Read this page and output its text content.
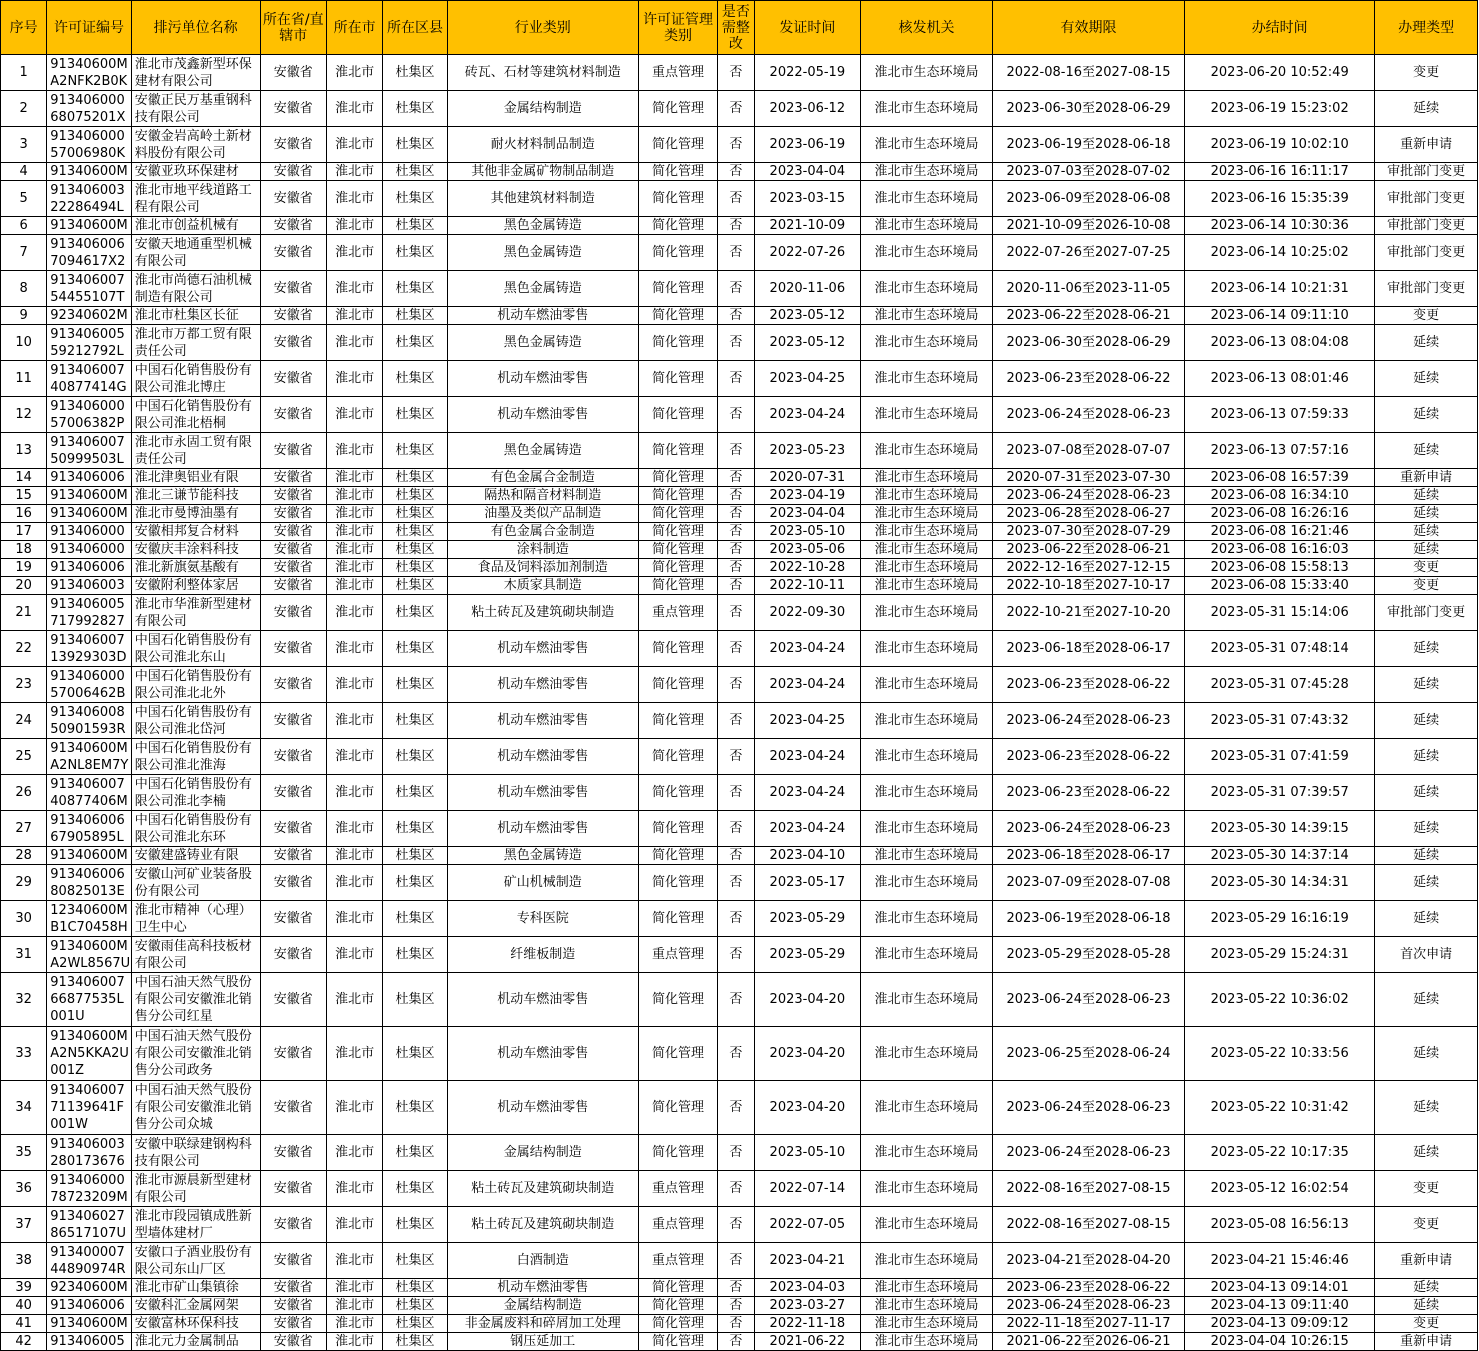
序号	许可证编号	排污单位名称	所在省/直辖市	所在市	所在区县	行业类别	许可证管理类别	是否需整改	发证时间	核发机关	有效期限	办结时间	办理类型

1	91340600MA2NFK2B0K	淮北市茂鑫新型环保建材有限公司	安徽省	淮北市	杜集区	砖瓦、石材等建筑材料制造	重点管理	否	2022-05-19	淮北市生态环境局	2022-08-16至2027-08-15	2023-06-20 10:52:49	变更

2	91340600068075201X	安徽正民万基重钢科技有限公司	安徽省	淮北市	杜集区	金属结构制造	简化管理	否	2023-06-12	淮北市生态环境局	2023-06-30至2028-06-29	2023-06-19 15:23:02	延续

3	91340600057006980K	安徽金岩高岭土新材料股份有限公司	安徽省	淮北市	杜集区	耐火材料制品制造	简化管理	否	2023-06-19	淮北市生态环境局	2023-06-19至2028-06-18	2023-06-19 10:02:10	重新申请

4	91340600M	安徽亚玖环保建材	安徽省	淮北市	杜集区	其他非金属矿物制品制造	简化管理	否	2023-04-04	淮北市生态环境局	2023-07-03至2028-07-02	2023-06-16 16:11:17	审批部门变更

5	91340600322286494L	淮北市地平线道路工程有限公司	安徽省	淮北市	杜集区	其他建筑材料制造	简化管理	否	2023-03-15	淮北市生态环境局	2023-06-09至2028-06-08	2023-06-16 15:35:39	审批部门变更

6	91340600M	淮北市创益机械有	安徽省	淮北市	杜集区	黑色金属铸造	简化管理	否	2021-10-09	淮北市生态环境局	2021-10-09至2026-10-08	2023-06-14 10:30:36	审批部门变更

7	9134060067094617X2	安徽天地通重型机械有限公司	安徽省	淮北市	杜集区	黑色金属铸造	简化管理	否	2022-07-26	淮北市生态环境局	2022-07-26至2027-07-25	2023-06-14 10:25:02	审批部门变更

8	91340600754455107T	淮北市尚德石油机械制造有限公司	安徽省	淮北市	杜集区	黑色金属铸造	简化管理	否	2020-11-06	淮北市生态环境局	2020-11-06至2023-11-05	2023-06-14 10:21:31	审批部门变更

9	92340602M	淮北市杜集区长征	安徽省	淮北市	杜集区	机动车燃油零售	简化管理	否	2023-05-12	淮北市生态环境局	2023-06-22至2028-06-21	2023-06-14 09:11:10	变更

10	913406005 59212792L	淮北市万都工贸有限责任公司	安徽省	淮北市	杜集区	黑色金属铸造	简化管理	否	2023-05-12	淮北市生态环境局	2023-06-30至2028-06-29	2023-06-13 08:04:08	延续

11	91340600740877414G	中国石化销售股份有限公司淮北博庄	安徽省	淮北市	杜集区	机动车燃油零售	简化管理	否	2023-04-25	淮北市生态环境局	2023-06-23至2028-06-22	2023-06-13 08:01:46	延续

12	91340600057006382P	中国石化销售股份有限公司淮北梧桐	安徽省	淮北市	杜集区	机动车燃油零售	简化管理	否	2023-04-24	淮北市生态环境局	2023-06-24至2028-06-23	2023-06-13 07:59:33	延续

13	91340600750999503L	淮北市永固工贸有限责任公司	安徽省	淮北市	杜集区	黑色金属铸造	简化管理	否	2023-05-23	淮北市生态环境局	2023-07-08至2028-07-07	2023-06-13 07:57:16	延续

14	913406006	淮北津奥铝业有限	安徽省	淮北市	杜集区	有色金属合金制造	简化管理	否	2020-07-31	淮北市生态环境局	2020-07-31至2023-07-30	2023-06-08 16:57:39	重新申请

15	91340600M	淮北三谦节能科技	安徽省	淮北市	杜集区	隔热和隔音材料制造	简化管理	否	2023-04-19	淮北市生态环境局	2023-06-24至2028-06-23	2023-06-08 16:34:10	延续

16	91340600M	淮北市曼博油墨有	安徽省	淮北市	杜集区	油墨及类似产品制造	简化管理	否	2023-04-04	淮北市生态环境局	2023-06-28至2028-06-27	2023-06-08 16:26:16	延续

17	913406000	安徽相邦复合材料	安徽省	淮北市	杜集区	有色金属合金制造	简化管理	否	2023-05-10	淮北市生态环境局	2023-07-30至2028-07-29	2023-06-08 16:21:46	延续

18	913406000	安徽庆丰涂料科技	安徽省	淮北市	杜集区	涂料制造	简化管理	否	2023-05-06	淮北市生态环境局	2023-06-22至2028-06-21	2023-06-08 16:16:03	延续

19	913406006	淮北新旗氨基酸有	安徽省	淮北市	杜集区	食品及饲料添加剂制造	简化管理	否	2022-10-28	淮北市生态环境局	2022-12-16至2027-12-15	2023-06-08 15:58:13	变更

20	913406003	安徽附利整体家居	安徽省	淮北市	杜集区	木质家具制造	简化管理	否	2022-10-11	淮北市生态环境局	2022-10-18至2027-10-17	2023-06-08 15:33:40	变更

21	913406005717992827	淮北市华淮新型建材有限公司	安徽省	淮北市	杜集区	粘土砖瓦及建筑砌块制造	重点管理	否	2022-09-30	淮北市生态环境局	2022-10-21至2027-10-20	2023-05-31 15:14:06	审批部门变更

22	91340600713929303D	中国石化销售股份有限公司淮北东山	安徽省	淮北市	杜集区	机动车燃油零售	简化管理	否	2023-04-24	淮北市生态环境局	2023-06-18至2028-06-17	2023-05-31 07:48:14	延续

23	91340600057006462B	中国石化销售股份有限公司淮北北外	安徽省	淮北市	杜集区	机动车燃油零售	简化管理	否	2023-04-24	淮北市生态环境局	2023-06-23至2028-06-22	2023-05-31 07:45:28	延续

24	91340600850901593R	中国石化销售股份有限公司淮北岱河	安徽省	淮北市	杜集区	机动车燃油零售	简化管理	否	2023-04-25	淮北市生态环境局	2023-06-24至2028-06-23	2023-05-31 07:43:32	延续

25	91340600MA2NL8EM7Y	中国石化销售股份有限公司淮北淮海	安徽省	淮北市	杜集区	机动车燃油零售	简化管理	否	2023-04-24	淮北市生态环境局	2023-06-23至2028-06-22	2023-05-31 07:41:59	延续

26	91340600740877406M	中国石化销售股份有限公司淮北李楠	安徽省	淮北市	杜集区	机动车燃油零售	简化管理	否	2023-04-24	淮北市生态环境局	2023-06-23至2028-06-22	2023-05-31 07:39:57	延续

27	91340600667905895L	中国石化销售股份有限公司淮北东环	安徽省	淮北市	杜集区	机动车燃油零售	简化管理	否	2023-04-24	淮北市生态环境局	2023-06-24至2028-06-23	2023-05-30 14:39:15	延续

28	91340600M	安徽建盛铸业有限	安徽省	淮北市	杜集区	黑色金属铸造	简化管理	否	2023-04-10	淮北市生态环境局	2023-06-18至2028-06-17	2023-05-30 14:37:14	延续

29	91340600680825013E	安徽山河矿业装备股份有限公司	安徽省	淮北市	杜集区	矿山机械制造	简化管理	否	2023-05-17	淮北市生态环境局	2023-07-09至2028-07-08	2023-05-30 14:34:31	延续

30	12340600MB1C70458H	淮北市精神（心理）卫生中心	安徽省	淮北市	杜集区	专科医院	简化管理	否	2023-05-29	淮北市生态环境局	2023-06-19至2028-06-18	2023-05-29 16:16:19	延续

31	91340600MA2WL8567U	安徽雨佳高科技板材有限公司	安徽省	淮北市	杜集区	纤维板制造	重点管理	否	2023-05-29	淮北市生态环境局	2023-05-29至2028-05-28	2023-05-29 15:24:31	首次申请

32	91340600766877535L001U	中国石油天然气股份有限公司安徽淮北销售分公司红星	安徽省	淮北市	杜集区	机动车燃油零售	简化管理	否	2023-04-20	淮北市生态环境局	2023-06-24至2028-06-23	2023-05-22 10:36:02	延续

33	91340600MA2N5KKA2U001Z	中国石油天然气股份有限公司安徽淮北销售分公司政务	安徽省	淮北市	杜集区	机动车燃油零售	简化管理	否	2023-04-20	淮北市生态环境局	2023-06-25至2028-06-24	2023-05-22 10:33:56	延续

34	91340600771139641F001W	中国石油天然气股份有限公司安徽淮北销售分公司众城	安徽省	淮北市	杜集区	机动车燃油零售	简化管理	否	2023-04-20	淮北市生态环境局	2023-06-24至2028-06-23	2023-05-22 10:31:42	延续

35	913406003 280173676	安徽中联绿建钢构科技有限公司	安徽省	淮北市	杜集区	金属结构制造	简化管理	否	2023-05-10	淮北市生态环境局	2023-06-24至2028-06-23	2023-05-22 10:17:35	延续

36	91340600078723209M	淮北市源晨新型建材有限公司	安徽省	淮北市	杜集区	粘土砖瓦及建筑砌块制造	重点管理	否	2022-07-14	淮北市生态环境局	2022-08-16至2027-08-15	2023-05-12 16:02:54	变更

37	913406027 86517107U	淮北市段园镇成胜新型墙体建材厂	安徽省	淮北市	杜集区	粘土砖瓦及建筑砌块制造	重点管理	否	2022-07-05	淮北市生态环境局	2022-08-16至2027-08-15	2023-05-08 16:56:13	变更

38	91340000744890974R	安徽口子酒业股份有限公司东山厂区	安徽省	淮北市	杜集区	白酒制造	重点管理	否	2023-04-21	淮北市生态环境局	2023-04-21至2028-04-20	2023-04-21 15:46:46	重新申请

39	92340600M	淮北市矿山集镇徐	安徽省	淮北市	杜集区	机动车燃油零售	简化管理	否	2023-04-03	淮北市生态环境局	2023-06-23至2028-06-22	2023-04-13 09:14:01	延续

40	913406006	安徽科汇金属网架	安徽省	淮北市	杜集区	金属结构制造	简化管理	否	2023-03-27	淮北市生态环境局	2023-06-24至2028-06-23	2023-04-13 09:11:40	延续

41	91340600M	安徽富林环保科技	安徽省	淮北市	杜集区	非金属废料和碎屑加工处理	简化管理	否	2022-11-18	淮北市生态环境局	2022-11-18至2027-11-17	2023-04-13 09:09:12	变更

42	913406005	淮北元力金属制品	安徽省	淮北市	杜集区	钢压延加工	简化管理	否	2021-06-22	淮北市生态环境局	2021-06-22至2026-06-21	2023-04-04 10:26:15	重新申请
